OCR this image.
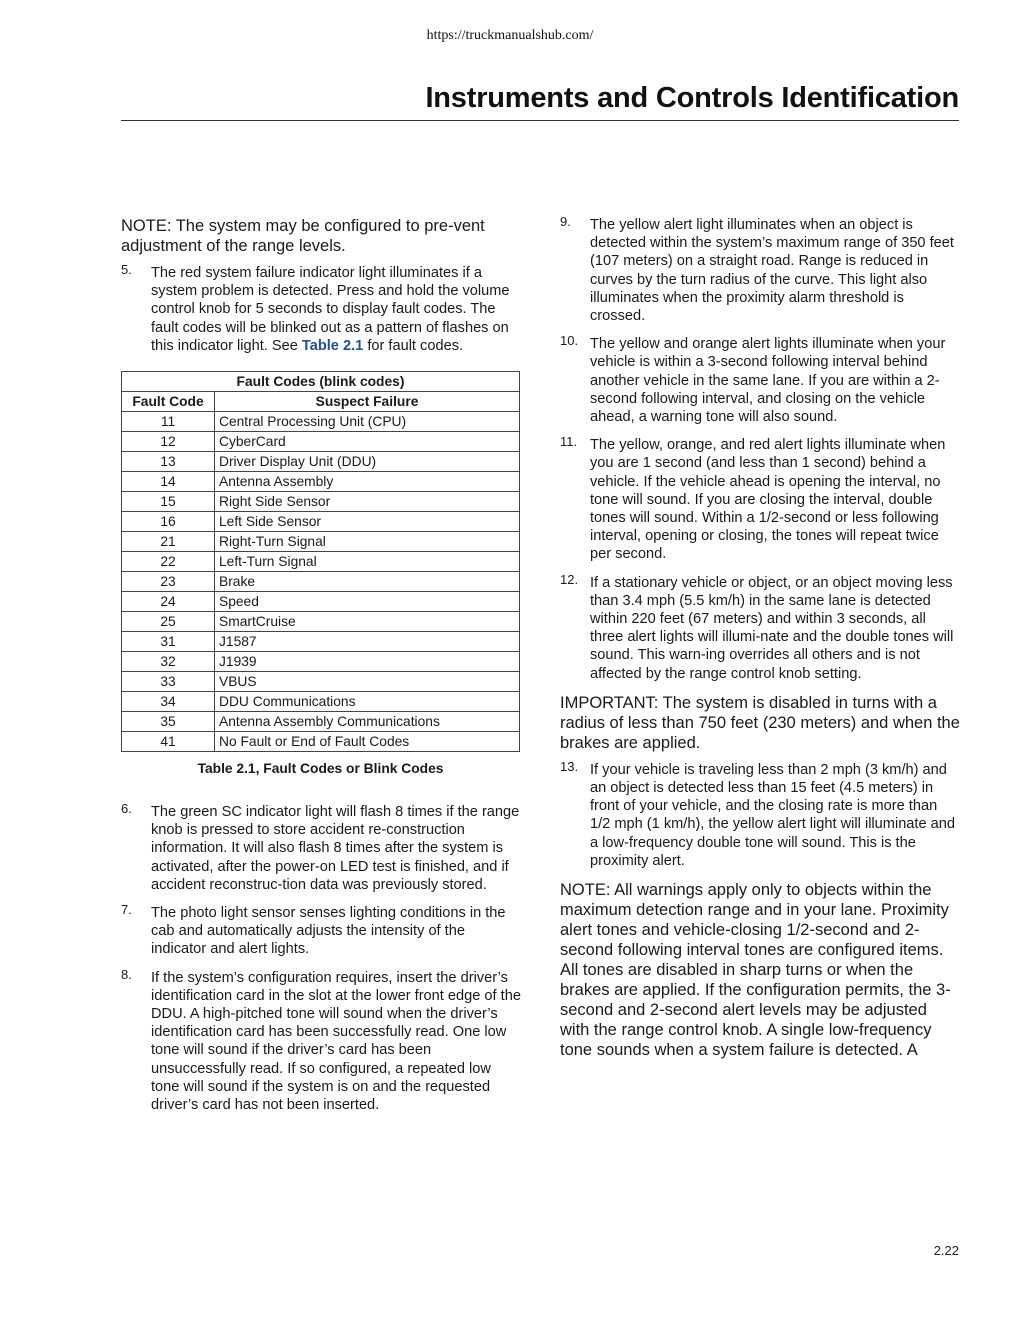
https://truckmanualshub.com/
Instruments and Controls Identification

NOTE: The system may be configured to pre-vent adjustment of the range levels.

5. The red system failure indicator light illuminates if a system problem is detected. Press and hold the volume control knob for 5 seconds to display fault codes. The fault codes will be blinked out as a pattern of flashes on this indicator light. See Table 2.1 for fault codes.
Fault Codes (blink codes)	
Fault Code	Suspect Failure
11	Central Processing Unit (CPU)
12	CyberCard
13	Driver Display Unit (DDU)
14	Antenna Assembly
15	Right Side Sensor
16	Left Side Sensor
21	Right-Turn Signal
22	Left-Turn Signal
23	Brake
24	Speed
25	SmartCruise
31	J1587
32	J1939
33	VBUS
34	DDU Communications
35	Antenna Assembly Communications
41	No Fault or End of Fault Codes
Table 2.1, Fault Codes or Blink Codes
6. The green SC indicator light will flash 8 times if the range knob is pressed to store accident re-construction information. It will also flash 8 times after the system is activated, after the power-on LED test is finished, and if accident reconstruc-tion data was previously stored.
7. The photo light sensor senses lighting conditions in the cab and automatically adjusts the intensity of the indicator and alert lights.
8. If the system’s configuration requires, insert the driver’s identification card in the slot at the lower front edge of the DDU. A high-pitched tone will sound when the driver’s identification card has been successfully read. One low tone will sound if the driver’s card has been unsuccessfully read. If so configured, a repeated low tone will sound if the system is on and the requested driver’s card has not been inserted.
9. The yellow alert light illuminates when an object is detected within the system’s maximum range of 350 feet (107 meters) on a straight road. Range is reduced in curves by the turn radius of the curve. This light also illuminates when the proximity alarm threshold is crossed.
10. The yellow and orange alert lights illuminate when your vehicle is within a 3-second following interval behind another vehicle in the same lane. If you are within a 2-second following interval, and closing on the vehicle ahead, a warning tone will also sound.
11. The yellow, orange, and red alert lights illuminate when you are 1 second (and less than 1 second) behind a vehicle. If the vehicle ahead is opening the interval, no tone will sound. If you are closing the interval, double tones will sound. Within a 1/2-second or less following interval, opening or closing, the tones will repeat twice per second.
12. If a stationary vehicle or object, or an object moving less than 3.4 mph (5.5 km/h) in the same lane is detected within 220 feet (67 meters) and within 3 seconds, all three alert lights will illumi-nate and the double tones will sound. This warn-ing overrides all others and is not affected by the range control knob setting.

IMPORTANT: The system is disabled in turns with a radius of less than 750 feet (230 meters) and when the brakes are applied.

13. If your vehicle is traveling less than 2 mph (3 km/h) and an object is detected less than 15 feet (4.5 meters) in front of your vehicle, and the closing rate is more than 1/2 mph (1 km/h), the yellow alert light will illuminate and a low-frequency double tone will sound. This is the proximity alert.

NOTE: All warnings apply only to objects within the maximum detection range and in your lane. Proximity alert tones and vehicle-closing 1/2-second and 2-second following interval tones are configured items. All tones are disabled in sharp turns or when the brakes are applied. If the configuration permits, the 3-second and 2-second alert levels may be adjusted with the range control knob. A single low-frequency tone sounds when a system failure is detected. A

2.22
